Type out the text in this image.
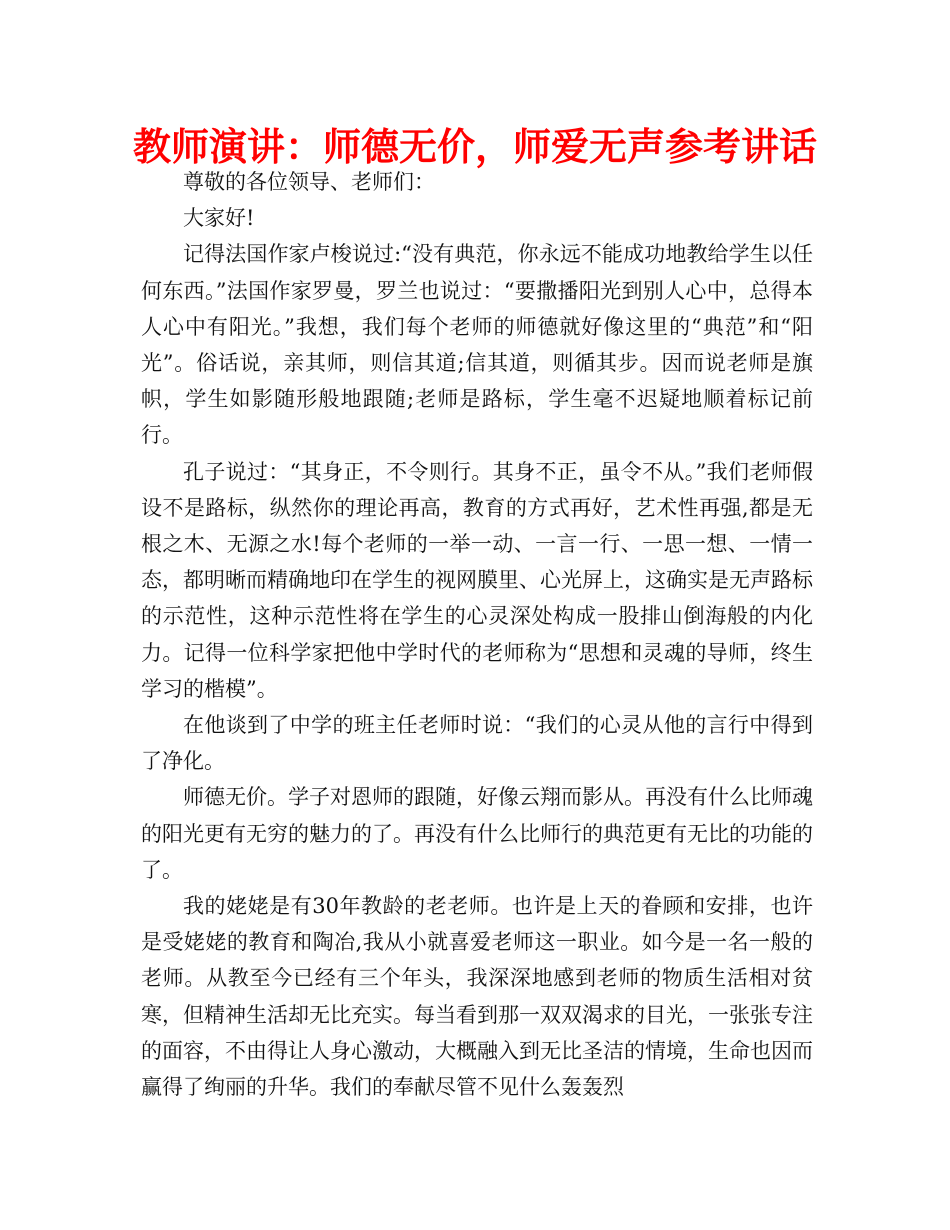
教师演讲：师德无价，师爱无声参考讲话

尊敬的各位领导、老师们：

大家好!

记得法国作家卢梭说过:“没有典范，你永远不能成功地教给学生以任何东西。”法国作家罗曼，罗兰也说过：“要撒播阳光到别人心中，总得本人心中有阳光。”我想，我们每个老师的师德就好像这里的“典范”和“阳光”。俗话说，亲其师，则信其道;信其道，则循其步。因而说老师是旗帜，学生如影随形般地跟随;老师是路标，学生毫不迟疑地顺着标记前行。

孔子说过：“其身正，不令则行。其身不正，虽令不从。”我们老师假设不是路标，纵然你的理论再高，教育的方式再好，艺术性再强,都是无根之木、无源之水!每个老师的一举一动、一言一行、一思一想、一情一态，都明晰而精确地印在学生的视网膜里、心光屏上，这确实是无声路标的示范性，这种示范性将在学生的心灵深处构成一股排山倒海般的内化力。记得一位科学家把他中学时代的老师称为“思想和灵魂的导师，终生学习的楷模”。

在他谈到了中学的班主任老师时说：“我们的心灵从他的言行中得到了净化。

师德无价。学子对恩师的跟随，好像云翔而影从。再没有什么比师魂的阳光更有无穷的魅力的了。再没有什么比师行的典范更有无比的功能的了。

我的姥姥是有30年教龄的老老师。也许是上天的眷顾和安排，也许是受姥姥的教育和陶冶,我从小就喜爱老师这一职业。如今是一名一般的老师。从教至今已经有三个年头，我深深地感到老师的物质生活相对贫寒，但精神生活却无比充实。每当看到那一双双渴求的目光，一张张专注的面容，不由得让人身心激动，大概融入到无比圣洁的情境，生命也因而赢得了绚丽的升华。我们的奉献尽管不见什么轰轰烈
